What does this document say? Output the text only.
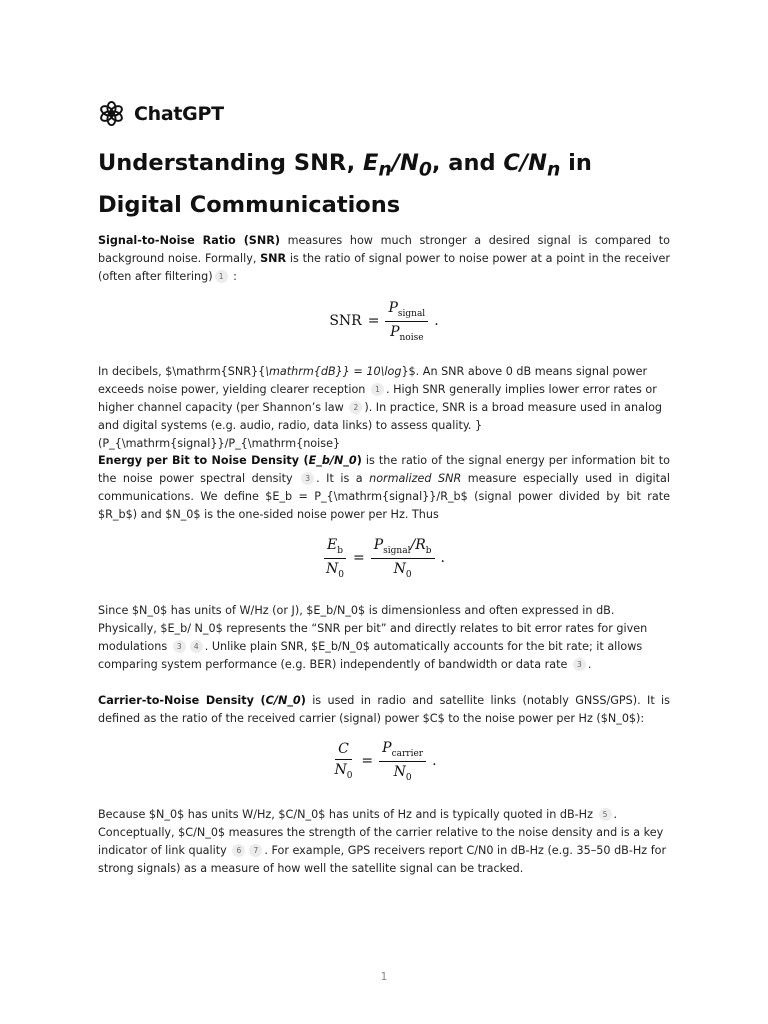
ChatGPT
Understanding SNR, $E_n/N_0$, and $C/N_n$ in Digital Communications

Signal-to-Noise Ratio (SNR) measures how much stronger a desired signal is compared to background noise. Formally, SNR is the ratio of signal power to noise power at a point in the receiver (often after filtering) 1 :

SNR = $\frac{P_{signal}}{P_{noise}}$ .

In decibels, $\mathrm{SNR}{\mathrm{dB}} = 10\log}$. An SNR above 0 dB means signal power exceeds noise power, yielding clearer reception 1 . High SNR generally implies lower error rates or higher channel capacity (per Shannon’s law 2 ). In practice, SNR is a broad measure used in analog and digital systems (e.g. audio, radio, data links) to assess quality. }(P_{\mathrm{signal}}/P_{\mathrm{noise}

Energy per Bit to Noise Density (E_b/N_0) is the ratio of the signal energy per information bit to the noise power spectral density 3 . It is a normalized SNR measure especially used in digital communications. We define $E_b = P_{\mathrm{signal}}/R_b$ (signal power divided by bit rate $R_b$) and $N_0$ is the one-sided noise power per Hz. Thus

$\frac{E_b}{N_0} = \frac{P_{signal}/R_b}{N_0}$ .

Since $N_0$ has units of W/Hz (or J), $E_b/N_0$ is dimensionless and often expressed in dB. Physically, $E_b/ N_0$ represents the “SNR per bit” and directly relates to bit error rates for given modulations 3 4 . Unlike plain SNR, $E_b/N_0$ automatically accounts for the bit rate; it allows comparing system performance (e.g. BER) independently of bandwidth or data rate 3 .

Carrier-to-Noise Density (C/N_0) is used in radio and satellite links (notably GNSS/GPS). It is defined as the ratio of the received carrier (signal) power $C$ to the noise power per Hz ($N_0$):

$\frac{C}{N_0} = \frac{P_{carrier}}{N_0}$ .

Because $N_0$ has units W/Hz, $C/N_0$ has units of Hz and is typically quoted in dB-Hz 5 . Conceptually, $C/N_0$ measures the strength of the carrier relative to the noise density and is a key indicator of link quality 6 7 . For example, GPS receivers report C/N0 in dB-Hz (e.g. 35–50 dB-Hz for strong signals) as a measure of how well the satellite signal can be tracked.

1
